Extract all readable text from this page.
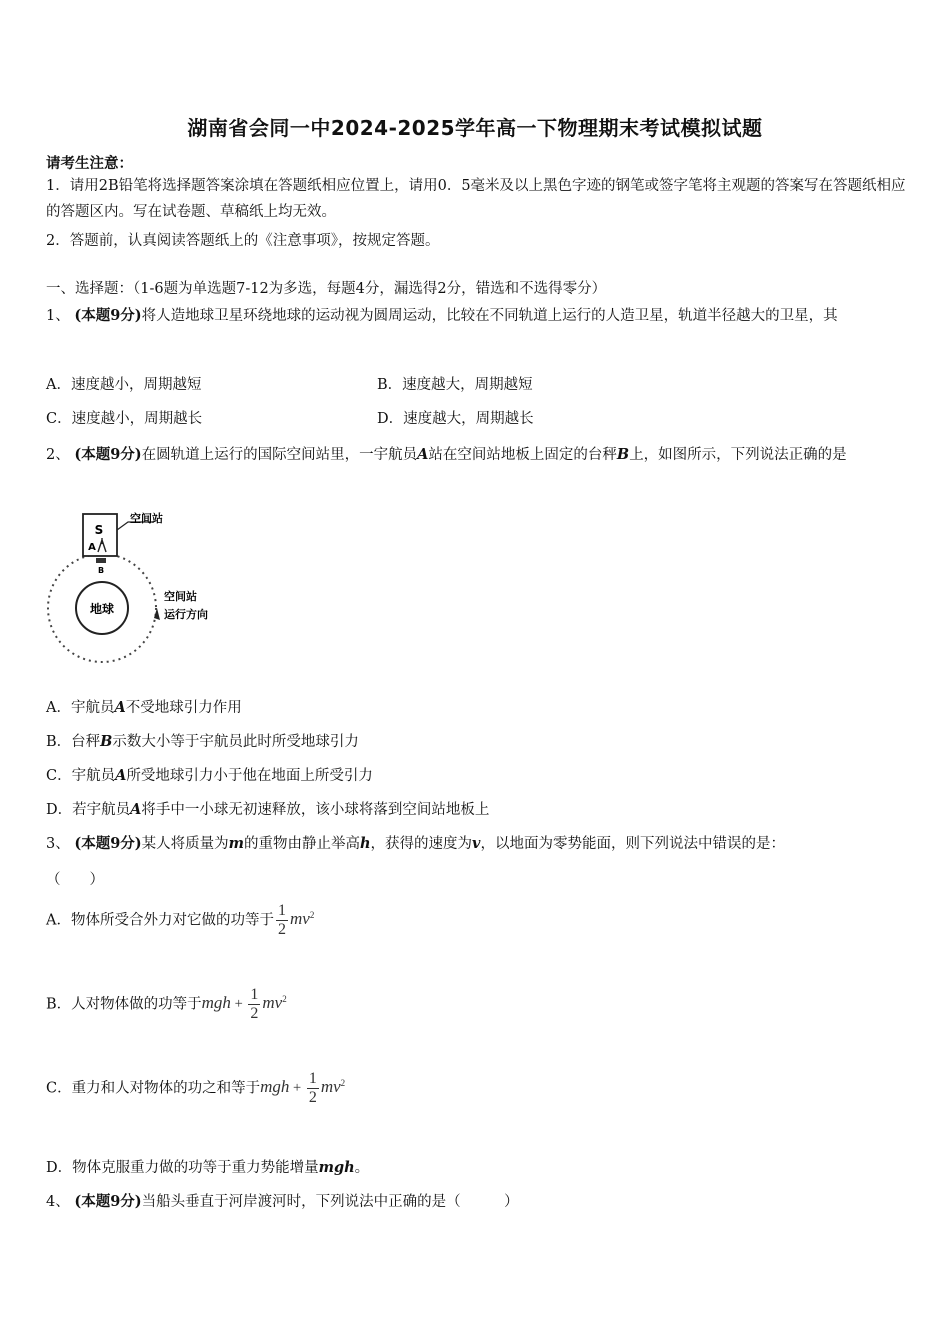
湖南省会同一中2024-2025学年高一下物理期末考试模拟试题
请考生注意：
1．请用2B铅笔将选择题答案涂填在答题纸相应位置上，请用0．5毫米及以上黑色字迹的钢笔或签字笔将主观题的答案写在答题纸相应的答题区内。写在试卷题、草稿纸上均无效。
2．答题前，认真阅读答题纸上的《注意事项》，按规定答题。
一、选择题：（1-6题为单选题7-12为多选，每题4分，漏选得2分，错选和不选得零分）
1、 (本题9分)将人造地球卫星环绕地球的运动视为圆周运动，比较在不同轨道上运行的人造卫星，轨道半径越大的卫星，其
A．速度越小，周期越短	B．速度越大，周期越短
C．速度越小，周期越长	D．速度越大，周期越长
2、 (本题9分)在圆轨道上运行的国际空间站里，一宇航员A站在空间站地板上固定的台秤B上，如图所示，下列说法正确的是
地球
S
A
B
空间站
空间站
运行方向
A．宇航员A不受地球引力作用
B．台秤B示数大小等于宇航员此时所受地球引力
C．宇航员A所受地球引力小于他在地面上所受引力
D．若宇航员A将手中一小球无初速释放，该小球将落到空间站地板上
3、 (本题9分)某人将质量为m的重物由静止举高h，获得的速度为v，以地面为零势能面，则下列说法中错误的是：
（　　）
A．物体所受合外力对它做的功等于 $\frac{1}{2} mv^2$
B．人对物体做的功等于mgh + $\frac{1}{2} mv^2$
C．重力和人对物体的功之和等于mgh + $\frac{1}{2} mv^2$
D．物体克服重力做的功等于重力势能增量mgh。
4、 (本题9分)当船头垂直于河岸渡河时，下列说法中正确的是（　　　）
